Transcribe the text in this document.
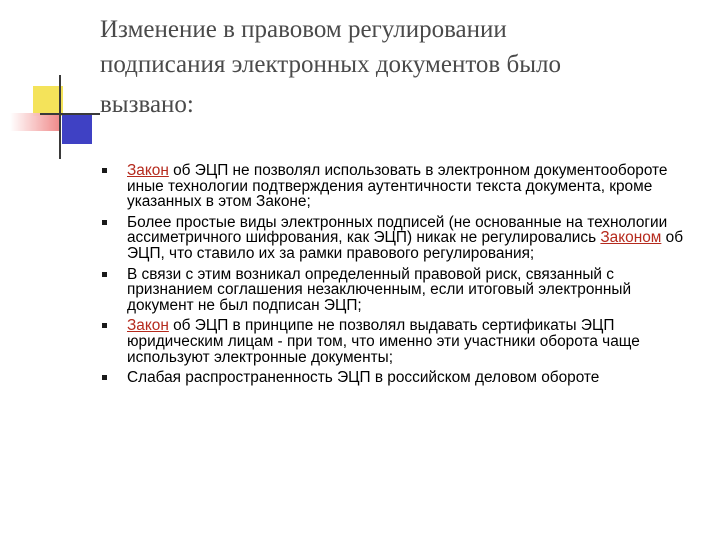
Изменение в правовом регулировании
подписания электронных документов было
вызвано:
Закон об ЭЦП не позволял использовать в электронном документообороте иные технологии подтверждения аутентичности текста документа, кроме указанных в этом Законе;
Более простые виды электронных подписей (не основанные на технологии ассиметричного шифрования, как ЭЦП) никак не регулировались Законом об ЭЦП, что ставило их за рамки правового регулирования;
В связи с этим возникал определенный правовой риск, связанный с признанием соглашения незаключенным, если итоговый электронный документ не был подписан ЭЦП;
Закон об ЭЦП в принципе не позволял выдавать сертификаты ЭЦП юридическим лицам - при том, что именно эти участники оборота чаще используют электронные документы;
Слабая распространенность ЭЦП в российском деловом обороте
